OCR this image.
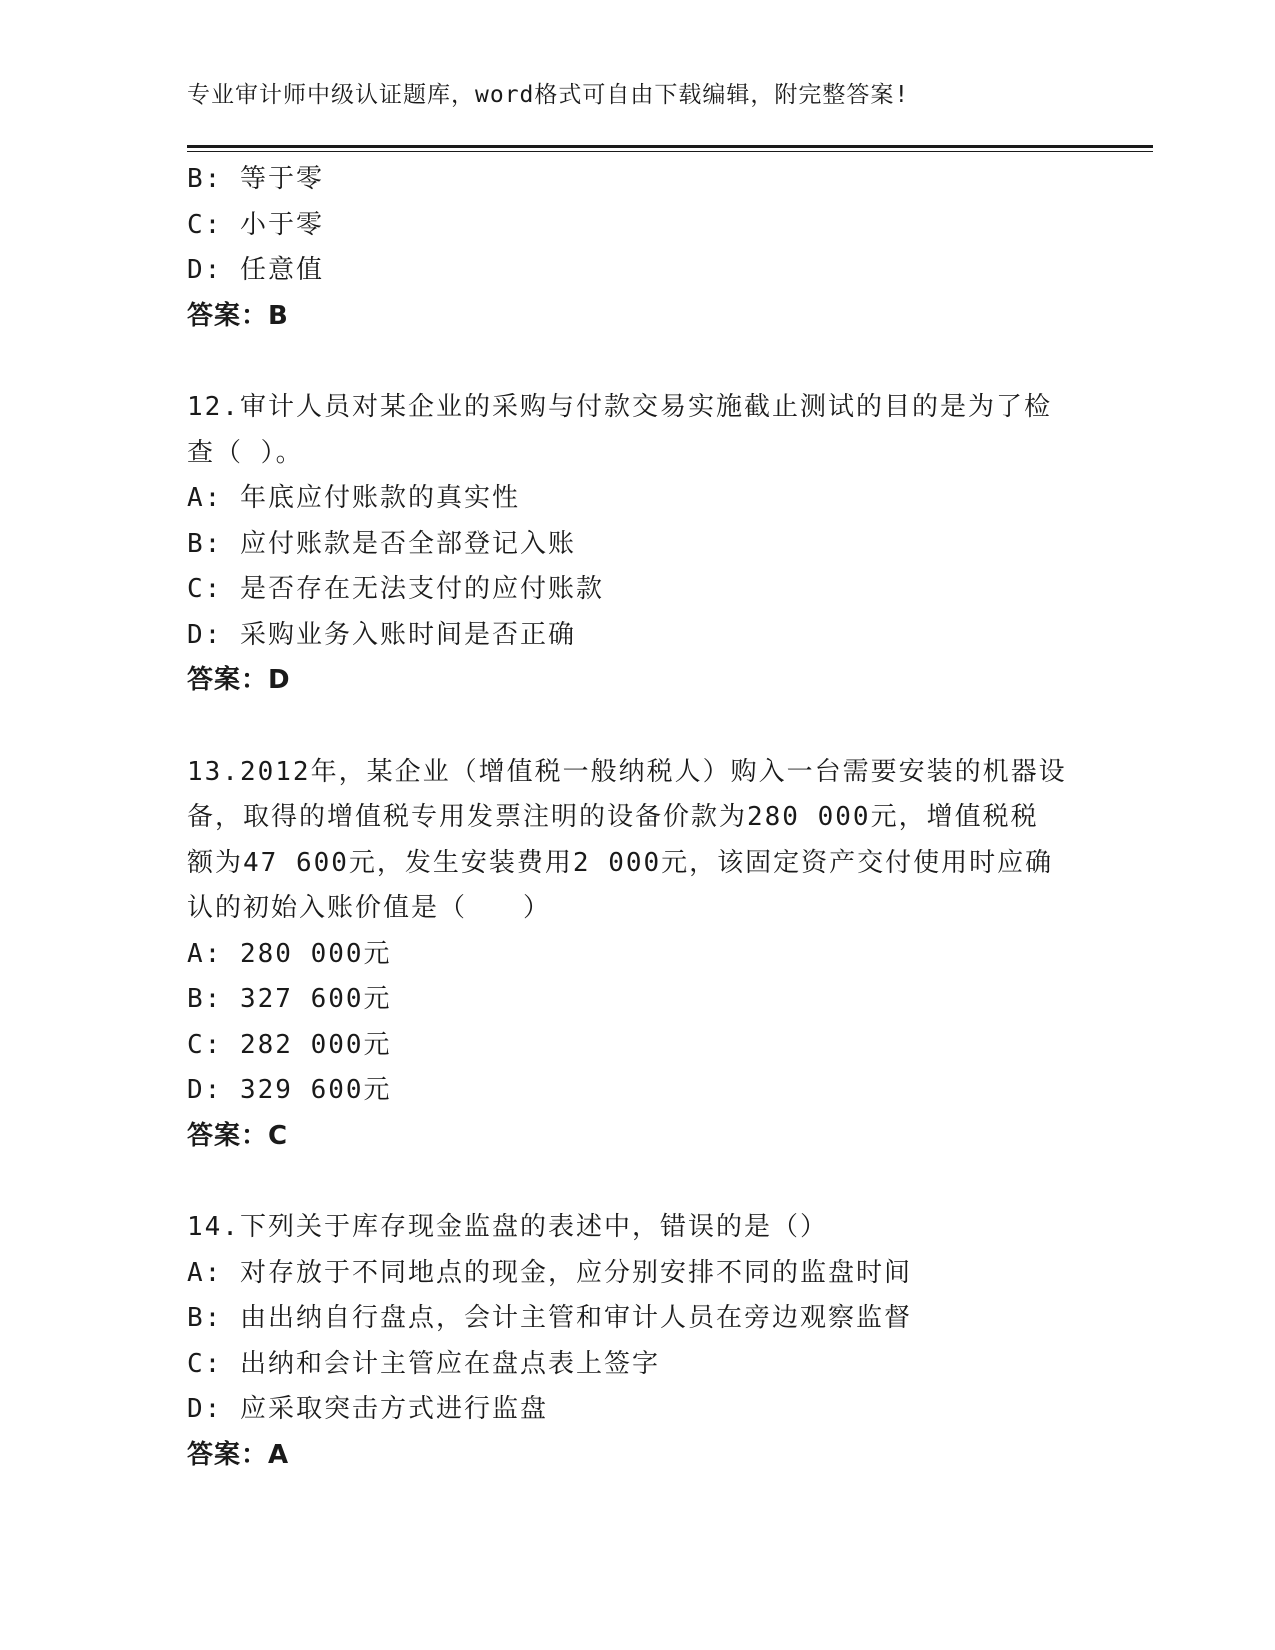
专业审计师中级认证题库，word格式可自由下载编辑，附完整答案!
B: 等于零
C: 小于零
D: 任意值
答案：B
12.审计人员对某企业的采购与付款交易实施截止测试的目的是为了检
查（ ）。
A: 年底应付账款的真实性
B: 应付账款是否全部登记入账
C: 是否存在无法支付的应付账款
D: 采购业务入账时间是否正确
答案：D
13.2012年，某企业（增值税一般纳税人）购入一台需要安装的机器设
备，取得的增值税专用发票注明的设备价款为280 000元，增值税税
额为47 600元，发生安装费用2 000元，该固定资产交付使用时应确
认的初始入账价值是（　　）
A: 280 000元
B: 327 600元
C: 282 000元
D: 329 600元
答案：C
14.下列关于库存现金监盘的表述中，错误的是（）
A: 对存放于不同地点的现金，应分别安排不同的监盘时间
B: 由出纳自行盘点，会计主管和审计人员在旁边观察监督
C: 出纳和会计主管应在盘点表上签字
D: 应采取突击方式进行监盘
答案：A
